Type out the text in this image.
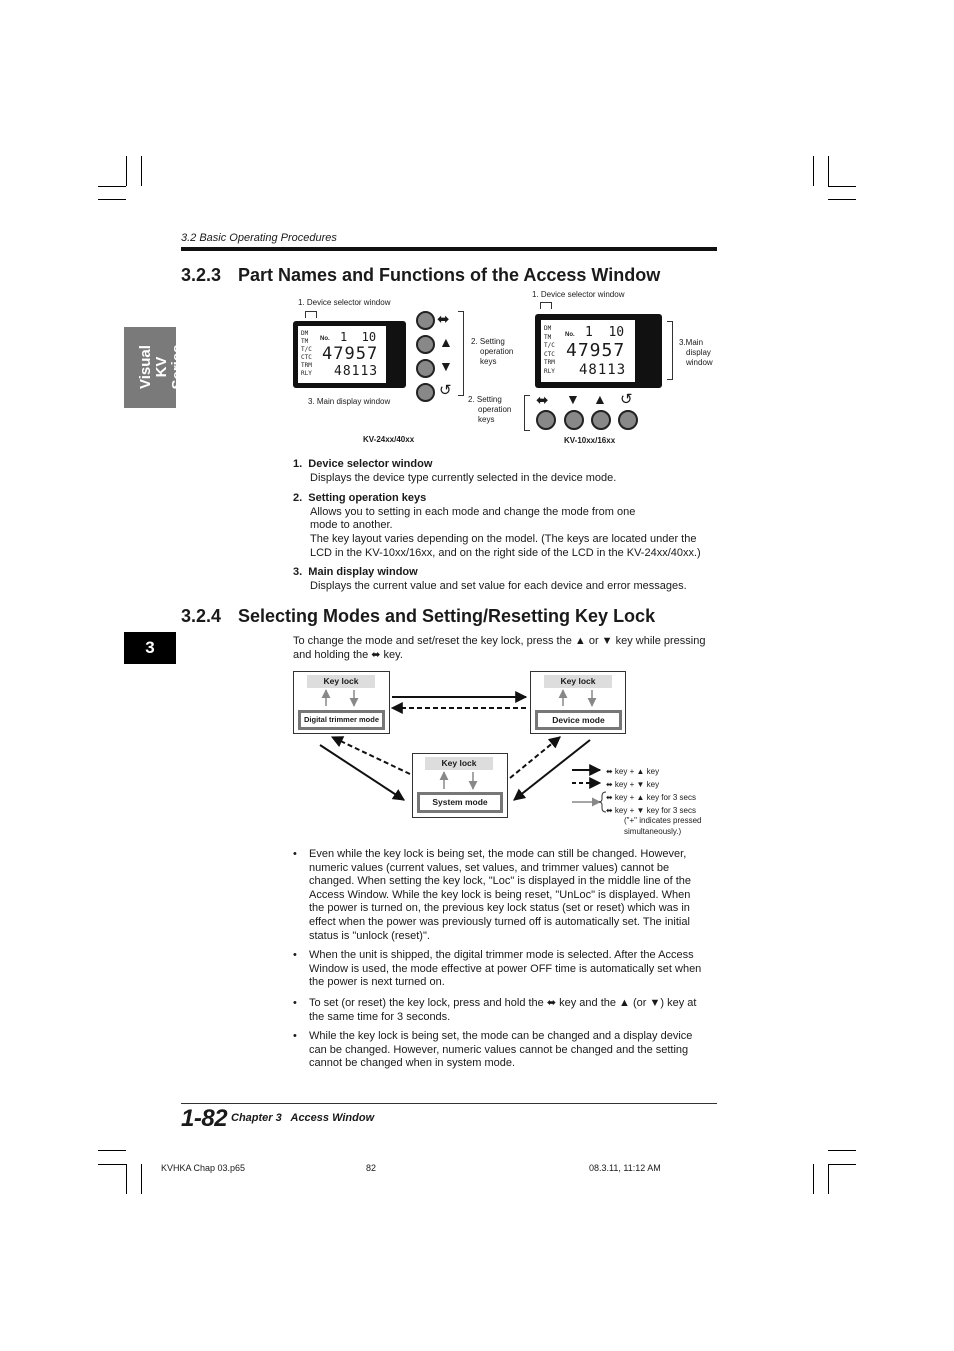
3.2 Basic Operating Procedures
Visual KV Series
3
3.2.3 Part Names and Functions of the Access Window
1. Device selector window
3. Main display window
2. Setting
operation
keys
DM
TM
T/C
CTC
TRM
RLY
No. 1  10
47957
48113
⬌
▲
▼
↺
KV-24xx/40xx
1. Device selector window
3.Main
display
window
2. Setting
operation
keys
DM
TM
T/C
CTC
TRM
RLY
No. 1  10
47957
48113
⬌ ▼ ▲ ↺
KV-10xx/16xx
1.  Device selector window
Displays the device type currently selected in the device mode.
2.  Setting operation keys
Allows you to setting in each mode and change the mode from one
mode to another.
The key layout varies depending on the model. (The keys are located under the
LCD in the KV-10xx/16xx, and on the right side of the LCD in the KV-24xx/40xx.)
3.  Main display window
Displays the current value and set value for each device and error messages.
3.2.4 Selecting Modes and Setting/Resetting Key Lock
To change the mode and set/reset the key lock, press the ▲ or ▼ key while pressing
and holding the ⬌ key.
Key lock
Digital trimmer mode
Key lock
Device mode
Key lock
System mode
⬌ key + ▲ key
⬌ key + ▼ key
⬌ key + ▲ key for 3 secs
⬌ key + ▼ key for 3 secs
("+" indicates pressed
simultaneously.)
• Even while the key lock is being set, the mode can still be changed. However,
numeric values (current values, set values, and trimmer values) cannot be
changed. When setting the key lock, "Loc" is displayed in the middle line of the
Access Window. While the key lock is being reset, "UnLoc" is displayed. When
the power is turned on, the previous key lock status (set or reset) which was in
effect when the power was previously turned off is automatically set. The initial
status is "unlock (reset)".
• When the unit is shipped, the digital trimmer mode is selected. After the Access
Window is used, the mode effective at power OFF time is automatically set when
the power is next turned on.
• To set (or reset) the key lock, press and hold the ⬌ key and the ▲ (or ▼) key at
the same time for 3 seconds.
• While the key lock is being set, the mode can be changed and a display device
can be changed. However, numeric values cannot be changed and the setting
cannot be changed when in system mode.
1-82 Chapter 3   Access Window
KVHKA Chap 03.p65	82	08.3.11, 11:12 AM
